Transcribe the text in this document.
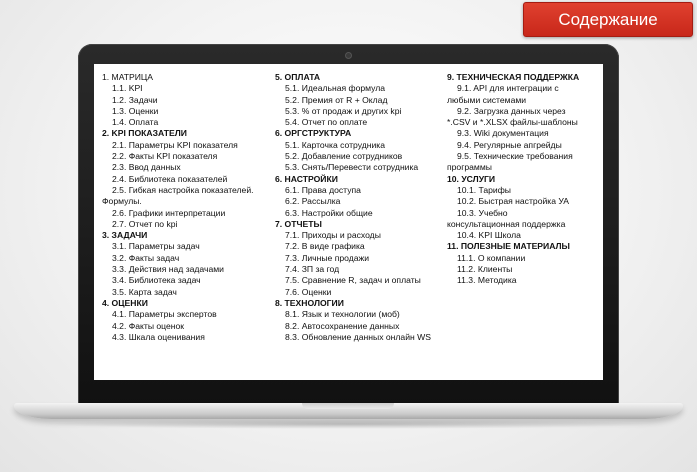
Содержание
1. МАТРИЦА
1.1. KPI
1.2. Задачи
1.3. Оценки
1.4. Оплата
2. KPI ПОКАЗАТЕЛИ
2.1. Параметры KPI показателя
2.2. Факты KPI показателя
2.3. Ввод данных
2.4. Библиотека показателей
2.5. Гибкая настройка показателей.
Формулы.
2.6. Графики интерпретации
2.7. Отчет по kpi
3. ЗАДАЧИ
3.1. Параметры задач
3.2. Факты задач
3.3. Действия над задачами
3.4. Библиотека задач
3.5. Карта задач
4. ОЦЕНКИ
4.1. Параметры экспертов
4.2. Факты оценок
4.3. Шкала оценивания
5. ОПЛАТА
5.1. Идеальная формула
5.2. Премия от R + Оклад
5.3. % от продаж и других kpi
5.4. Отчет по оплате
6. ОРГСТРУКТУРА
5.1. Карточка сотрудника
5.2. Добавление сотрудников
5.3. Снять/Перевести сотрудника
6. НАСТРОЙКИ
6.1. Права доступа
6.2. Рассылка
6.3. Настройки общие
7. ОТЧЕТЫ
7.1. Приходы и расходы
7.2. В виде графика
7.3. Личные продажи
7.4. ЗП за год
7.5. Сравнение R, задач и оплаты
7.6. Оценки
8. ТЕХНОЛОГИИ
8.1. Язык и технологии (моб)
8.2. Автосохранение данных
8.3. Обновление данных онлайн WS
9. ТЕХНИЧЕСКАЯ ПОДДЕРЖКА
9.1. API для интеграции с
любыми системами
9.2. Загрузка данных через
*.CSV и *.XLSX файлы-шаблоны
9.3. Wiki документация
9.4. Регулярные апгрейды
9.5. Технические требования
программы
10. УСЛУГИ
10.1. Тарифы
10.2. Быстрая настройка УА
10.3. Учебно
консультационная поддержка
10.4. KPI Школа
11. ПОЛЕЗНЫЕ МАТЕРИАЛЫ
11.1. О компании
11.2. Клиенты
11.3. Методика
